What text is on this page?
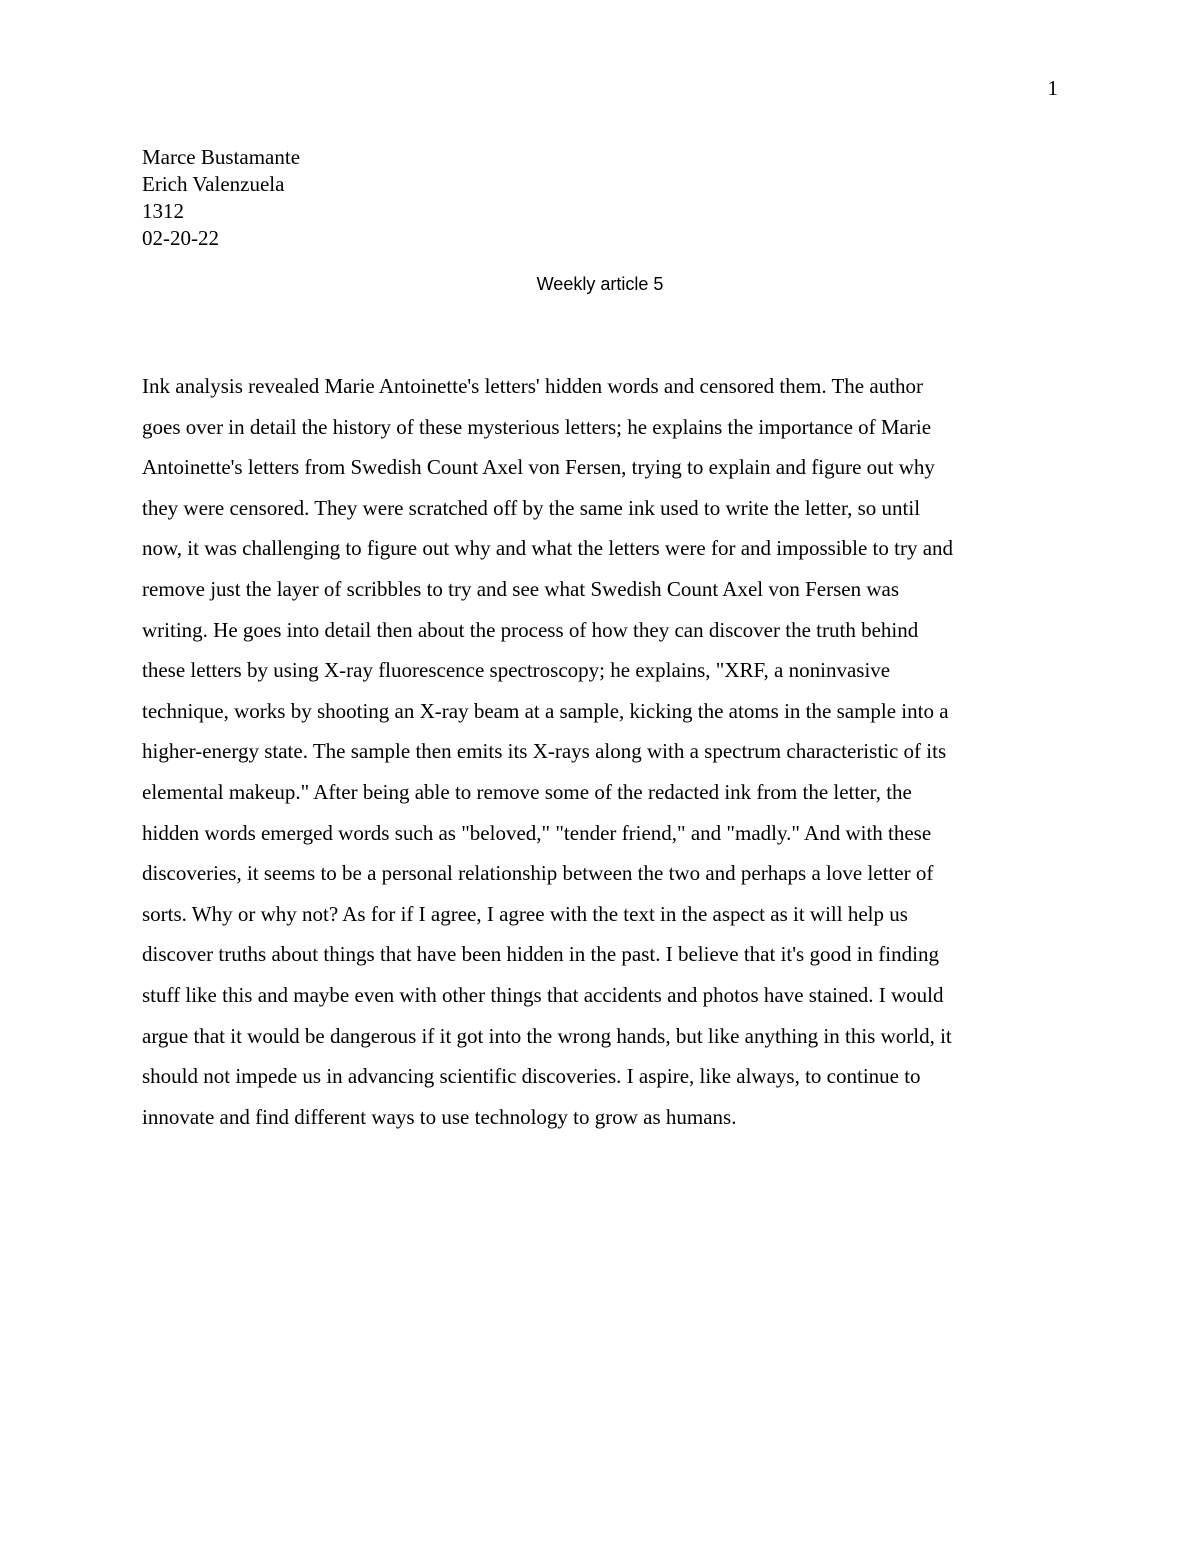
1
Marce Bustamante
Erich Valenzuela
1312
02-20-22
Weekly article 5
Ink analysis revealed Marie Antoinette's letters' hidden words and censored them. The author
goes over in detail the history of these mysterious letters; he explains the importance of Marie
Antoinette's letters from Swedish Count Axel von Fersen, trying to explain and figure out why
they were censored. They were scratched off by the same ink used to write the letter, so until
now, it was challenging to figure out why and what the letters were for and impossible to try and
remove just the layer of scribbles to try and see what Swedish Count Axel von Fersen was
writing. He goes into detail then about the process of how they can discover the truth behind
these letters by using X-ray fluorescence spectroscopy; he explains, "XRF, a noninvasive
technique, works by shooting an X-ray beam at a sample, kicking the atoms in the sample into a
higher-energy state. The sample then emits its X-rays along with a spectrum characteristic of its
elemental makeup." After being able to remove some of the redacted ink from the letter, the
hidden words emerged words such as "beloved," "tender friend," and "madly." And with these
discoveries, it seems to be a personal relationship between the two and perhaps a love letter of
sorts. Why or why not? As for if I agree, I agree with the text in the aspect as it will help us
discover truths about things that have been hidden in the past. I believe that it's good in finding
stuff like this and maybe even with other things that accidents and photos have stained. I would
argue that it would be dangerous if it got into the wrong hands, but like anything in this world, it
should not impede us in advancing scientific discoveries. I aspire, like always, to continue to
innovate and find different ways to use technology to grow as humans.
